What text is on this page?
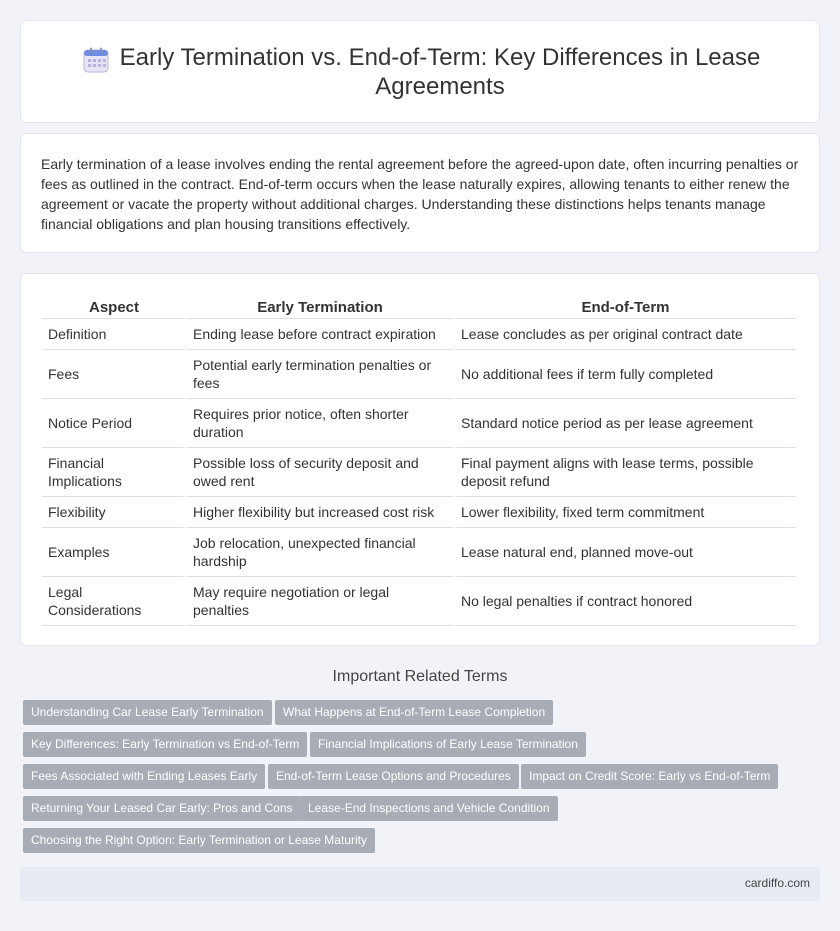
Early Termination vs. End-of-Term: Key Differences in Lease Agreements

Early termination of a lease involves ending the rental agreement before the agreed-upon date, often incurring penalties or fees as outlined in the contract. End-of-term occurs when the lease naturally expires, allowing tenants to either renew the agreement or vacate the property without additional charges. Understanding these distinctions helps tenants manage financial obligations and plan housing transitions effectively.

Aspect	Early Termination	End-of-Term
Definition	Ending lease before contract expiration	Lease concludes as per original contract date
Fees	Potential early termination penalties or fees	No additional fees if term fully completed
Notice Period	Requires prior notice, often shorter duration	Standard notice period as per lease agreement
Financial Implications	Possible loss of security deposit and owed rent	Final payment aligns with lease terms, possible deposit refund
Flexibility	Higher flexibility but increased cost risk	Lower flexibility, fixed term commitment
Examples	Job relocation, unexpected financial hardship	Lease natural end, planned move-out
Legal Considerations	May require negotiation or legal penalties	No legal penalties if contract honored
Important Related Terms
Understanding Car Lease Early Termination	What Happens at End-of-Term Lease Completion
Key Differences: Early Termination vs End-of-Term	Financial Implications of Early Lease Termination
Fees Associated with Ending Leases Early	End-of-Term Lease Options and Procedures	Impact on Credit Score: Early vs End-of-Term
Returning Your Leased Car Early: Pros and Cons	Lease-End Inspections and Vehicle Condition
Choosing the Right Option: Early Termination or Lease Maturity
cardiffo.com
